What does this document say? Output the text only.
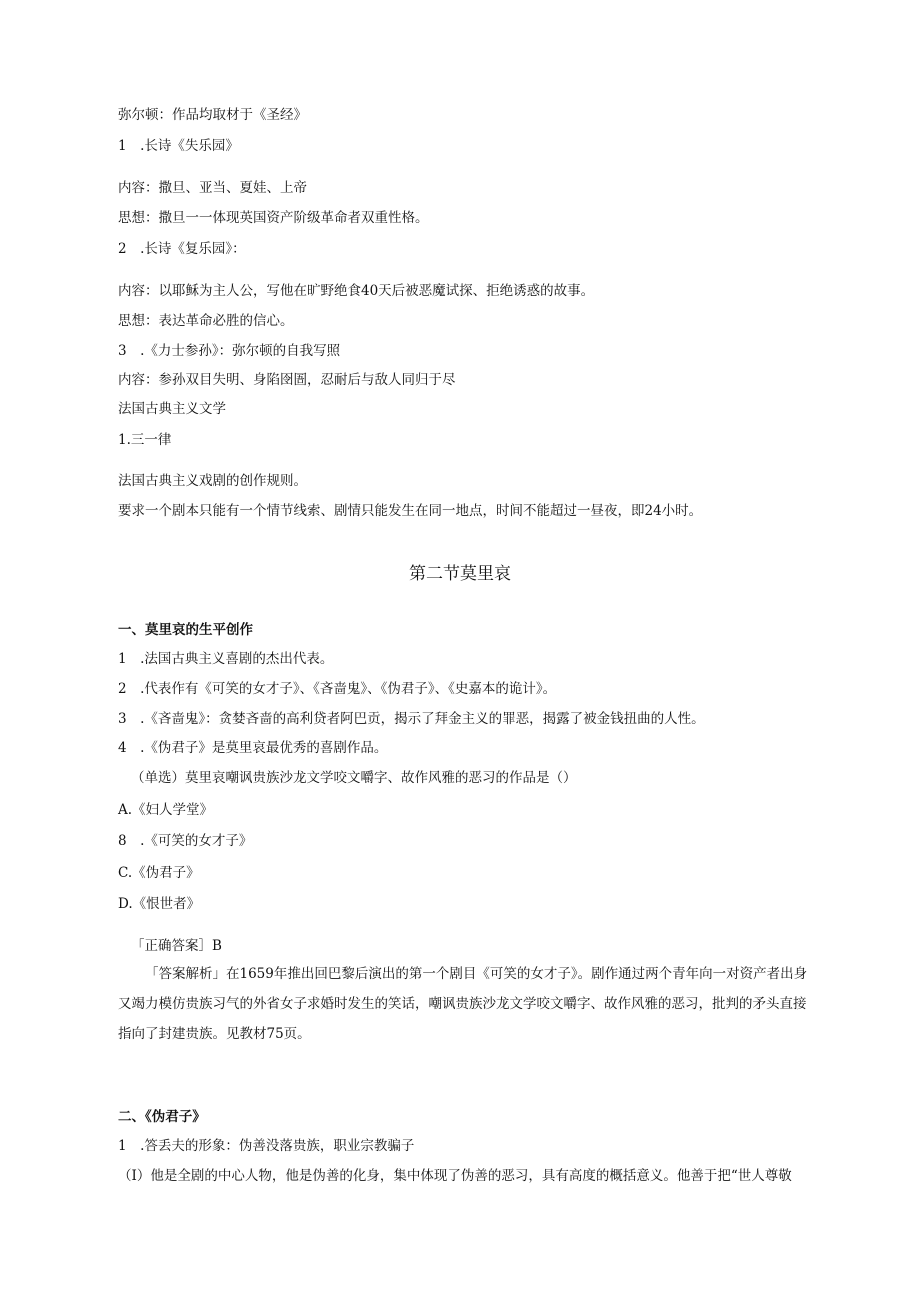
弥尔顿：作品均取材于《圣经》
1　.长诗《失乐园》
内容：撒旦、亚当、夏娃、上帝
思想：撒旦一一体现英国资产阶级革命者双重性格。
2　.长诗《复乐园》：
内容：以耶稣为主人公，写他在旷野绝食40天后被恶魔试探、拒绝诱惑的故事。
思想：表达革命必胜的信心。
3　.《力士参孙》：弥尔顿的自我写照
内容：参孙双目失明、身陷囹圄，忍耐后与敌人同归于尽
法国古典主义文学
1.三一律
法国古典主义戏剧的创作规则。
要求一个剧本只能有一个情节线索、剧情只能发生在同一地点，时间不能超过一昼夜，即24小时。
第二节莫里哀
一、莫里哀的生平创作
1　.法国古典主义喜剧的杰出代表。
2　.代表作有《可笑的女才子》、《吝啬鬼》、《伪君子》、《史嘉本的诡计》。
3　.《吝啬鬼》：贪婪吝啬的高利贷者阿巴贡，揭示了拜金主义的罪恶，揭露了被金钱扭曲的人性。
4　.《伪君子》是莫里哀最优秀的喜剧作品。
（单选）莫里哀嘲讽贵族沙龙文学咬文嚼字、故作风雅的恶习的作品是（）
A.《妇人学堂》
8　.《可笑的女才子》
C.《伪君子》
D.《恨世者》
「正确答案］B
「答案解析」在1659年推出回巴黎后演出的第一个剧目《可笑的女才子》。剧作通过两个青年向一对资产者出身又竭力模仿贵族习气的外省女子求婚时发生的笑话，嘲讽贵族沙龙文学咬文嚼字、故作风雅的恶习，批判的矛头直接指向了封建贵族。见教材75页。
二、《伪君子》
1　.答丢夫的形象：伪善没落贵族，职业宗教骗子
（I）他是全剧的中心人物，他是伪善的化身，集中体现了伪善的恶习，具有高度的概括意义。他善于把“世人尊敬
